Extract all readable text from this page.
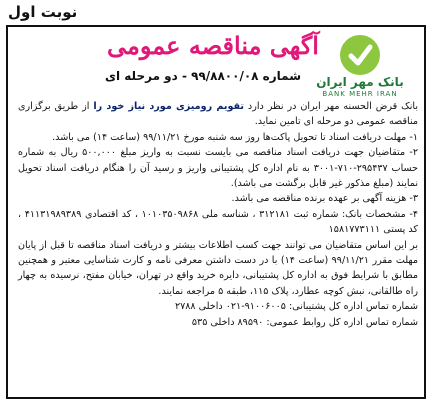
نوبت اول
بانک مهر ایران
BANK MEHR IRAN
آگهی مناقصه عمومی
شماره ۹۹/۸۸۰۰/۰۸ - دو مرحله ای

بانک قرض الحسنه مهر ایران در نظر دارد تقویم رومیزی مورد نیاز خود را از طریق برگزاری مناقصه عمومی دو مرحله ای تامین نماید.

۱- مهلت دریافت اسناد تا تحویل پاکت‌ها روز سه شنبه مورخ ۹۹/۱۱/۲۱ (ساعت ۱۴) می باشد.

۲- متقاضیان جهت دریافت اسناد مناقصه می بایست نسبت به واریز مبلغ ۵۰۰,۰۰۰ ریال به شماره حساب ۲۹۵۴۳۷-۷۱۰-۳۰۰۱ به نام اداره کل پشتیبانی واریز و رسید آن را هنگام دریافت اسناد تحویل نمایند (مبلغ مذکور غیر قابل برگشت می باشد).

۳- هزینه آگهی بر عهده برنده مناقصه می باشد.

۴- مشخصات بانک: شماره ثبت ۳۱۲۱۸۱ ، شناسه ملی ۱۰۱۰۳۵۰۹۸۶۸ ، کد اقتصادی ۴۱۱۳۱۹۸۹۳۸۹ ، کد پستی ۱۵۸۱۷۷۳۱۱۱

بر این اساس متقاضیان می توانند جهت کسب اطلاعات بیشتر و دریافت اسناد مناقصه تا قبل از پایان مهلت مقرر ۹۹/۱۱/۲۱ (ساعت ۱۴) با در دست داشتن معرفی نامه و کارت شناسایی معتبر و همچنین مطابق با شرایط فوق به اداره کل پشتیبانی، دایره خرید واقع در تهران، خیابان مفتح، نرسیده به چهار راه طالقانی، نبش کوچه عطارد، پلاک ۱۱۵، طبقه ۵ مراجعه نمایند.

شماره تماس اداره کل پشتیبانی: ۹۱۰۰۶۰۰۵-۰۲۱ داخلی ۲۷۸۸

شماره تماس اداره کل روابط عمومی: ۸۹۵۹۰ داخلی ۵۳۵
